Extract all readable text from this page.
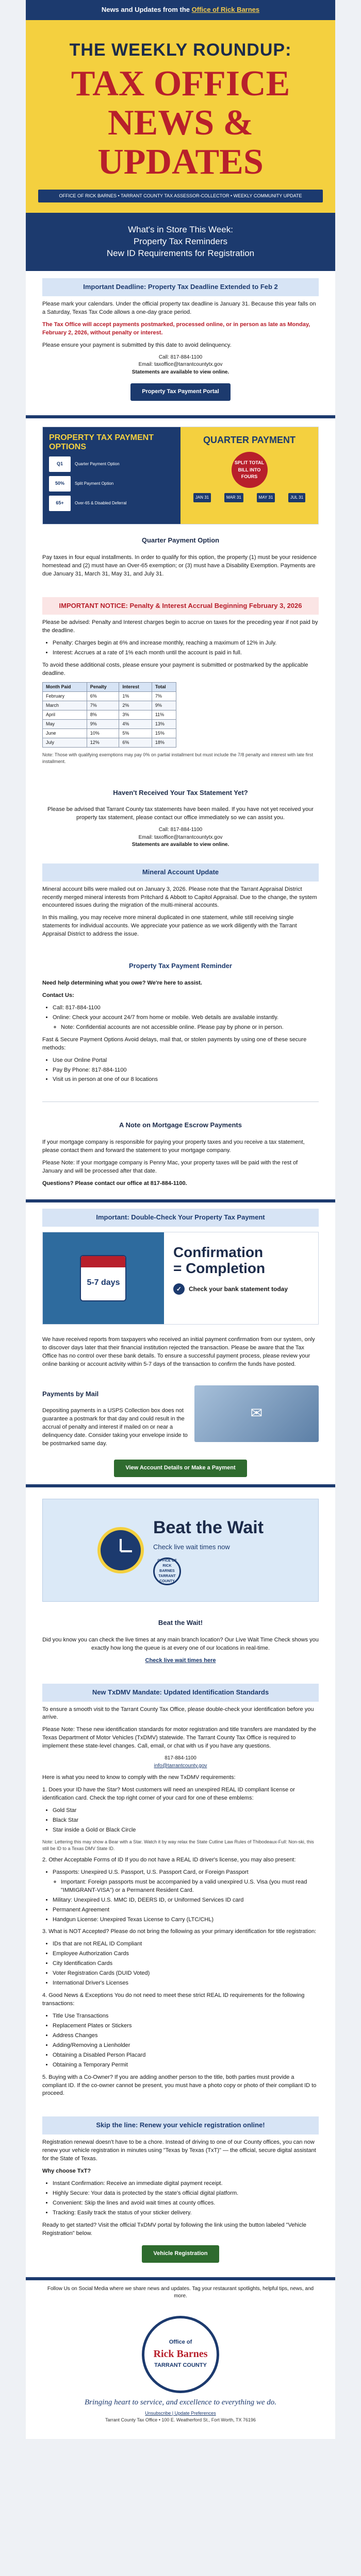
News and Updates from the Office of Rick Barnes
THE WEEKLY ROUNDUP:
TAX OFFICE
NEWS &
UPDATES
OFFICE OF RICK BARNES • TARRANT COUNTY TAX ASSESSOR-COLLECTOR • WEEKLY COMMUNITY UPDATE
What's in Store This Week:
Property Tax Reminders
New ID Requirements for Registration
Important Deadline: Property Tax Deadline Extended to Feb 2

Please mark your calendars. Under the official property tax deadline is January 31. Because this year falls on a Saturday, Texas Tax Code allows a one-day grace period.

The Tax Office will accept payments postmarked, processed online, or in person as late as Monday, February 2, 2026, without penalty or interest.

Please ensure your payment is submitted by this date to avoid delinquency.

Call: 817-884-1100
Email: taxoffice@tarrantcountytx.gov
Statements are available to view online.
Property Tax Payment Portal
PROPERTY TAX PAYMENT OPTIONS
Q1	Quarter Payment Option
50%	Split Payment Option
65+	Over-65 & Disabled Deferral
QUARTER PAYMENT
SPLIT TOTAL BILL INTO FOURS
JAN 31	MAR 31	MAY 31	JUL 31
Quarter Payment Option

Pay taxes in four equal installments. In order to qualify for this option, the property (1) must be your residence homestead and (2) must have an Over-65 exemption; or (3) must have a Disability Exemption. Payments are due January 31, March 31, May 31, and July 31.

IMPORTANT NOTICE: Penalty & Interest Accrual Beginning February 3, 2026

Please be advised: Penalty and Interest charges begin to accrue on taxes for the preceding year if not paid by the deadline.

• Penalty: Charges begin at 6% and increase monthly, reaching a maximum of 12% in July.
• Interest: Accrues at a rate of 1% each month until the account is paid in full.

To avoid these additional costs, please ensure your payment is submitted or postmarked by the applicable deadline.

Month Paid	Penalty	Interest	Total
February	6%	1%	7%
March	7%	2%	9%
April	8%	3%	11%
May	9%	4%	13%
June	10%	5%	15%
July	12%	6%	18%

Note: Those with qualifying exemptions may pay 0% on partial installment but must include the 7/8 penalty and interest with late first installment.

Haven't Received Your Tax Statement Yet?

Please be advised that Tarrant County tax statements have been mailed. If you have not yet received your property tax statement, please contact our office immediately so we can assist you.

Call: 817-884-1100
Email: taxoffice@tarrantcountytx.gov
Statements are available to view online.
Mineral Account Update

Mineral account bills were mailed out on January 3, 2026. Please note that the Tarrant Appraisal District recently merged mineral interests from Pritchard & Abbott to Capitol Appraisal. Due to the change, the system encountered issues during the migration of the multi-mineral accounts.

In this mailing, you may receive more mineral duplicated in one statement, while still receiving single statements for individual accounts. We appreciate your patience as we work diligently with the Tarrant Appraisal District to address the issue.

Property Tax Payment Reminder

Need help determining what you owe? We're here to assist.

Contact Us:

• Call: 817-884-1100
• Online: Check your account 24/7 from home or mobile. Web details are available instantly.
◦ Note: Confidential accounts are not accessible online. Please pay by phone or in person.

Fast & Secure Payment Options Avoid delays, mail that, or stolen payments by using one of these secure methods:

• Use our Online Portal
• Pay By Phone: 817-884-1100
• Visit us in person at one of our 8 locations
A Note on Mortgage Escrow Payments

If your mortgage company is responsible for paying your property taxes and you receive a tax statement, please contact them and forward the statement to your mortgage company.

Please Note: If your mortgage company is Penny Mac, your property taxes will be paid with the rest of January and will be processed after that date.

Questions? Please contact our office at 817-884-1100.

Important: Double-Check Your Property Tax Payment
5-7 days
Confirmation
= Completion
✓	Check your bank statement today

We have received reports from taxpayers who received an initial payment confirmation from our system, only to discover days later that their financial institution rejected the transaction. Please be aware that the Tax Office has no control over these bank details. To ensure a successful payment process, please review your online banking or account activity within 5-7 days of the transaction to confirm the funds have posted.

Payments by Mail

Depositing payments in a USPS Collection box does not guarantee a postmark for that day and could result in the accrual of penalty and interest if mailed on or near a delinquency date. Consider taking your envelope inside to be postmarked same day.

✉
View Account Details or Make a Payment
Beat the Wait
Check live wait times now
OFFICE OF RICK BARNES TARRANT COUNTY
Beat the Wait!

Did you know you can check the live times at any main branch location? Our Live Wait Time Check shows you exactly how long the queue is at every one of our locations in real-time.

Check live wait times here

New TxDMV Mandate: Updated Identification Standards

To ensure a smooth visit to the Tarrant County Tax Office, please double-check your identification before you arrive.

Please Note: These new identification standards for motor registration and title transfers are mandated by the Texas Department of Motor Vehicles (TxDMV) statewide. The Tarrant County Tax Office is required to implement these state-level changes. Call, email, or chat with us if you have any questions.

817-884-1100
info@tarrantcounty.gov

Here is what you need to know to comply with the new TxDMV requirements:

1. Does your ID have the Star? Most customers will need an unexpired REAL ID compliant license or identification card. Check the top right corner of your card for one of these emblems:

• Gold Star
• Black Star
• Star inside a Gold or Black Circle

Note: Lettering this may show a Bear with a Star. Watch it by way relax the State Cutline Law Rules of Thibodeaux-Full: Non-ski, this still be ID to a Texas DMV State ID.

2. Other Acceptable Forms of ID If you do not have a REAL ID driver's license, you may also present:

• Passports: Unexpired U.S. Passport, U.S. Passport Card, or Foreign Passport
◦ Important: Foreign passports must be accompanied by a valid unexpired U.S. Visa (you must read "IMMIGRANT-VISA") or a Permanent Resident Card.
• Military: Unexpired U.S. MMC ID, DEERS ID, or Uniformed Services ID card
• Permanent Agreement
• Handgun License: Unexpired Texas License to Carry (LTC/CHL)

3. What is NOT Accepted? Please do not bring the following as your primary identification for title registration:

• IDs that are not REAL ID Compliant
• Employee Authorization Cards
• City Identification Cards
• Voter Registration Cards (DUID Voted)
• International Driver's Licenses

4. Good News & Exceptions You do not need to meet these strict REAL ID requirements for the following transactions:

• Title Use Transactions
• Replacement Plates or Stickers
• Address Changes
• Adding/Removing a Lienholder
• Obtaining a Disabled Person Placard
• Obtaining a Temporary Permit

5. Buying with a Co-Owner? If you are adding another person to the title, both parties must provide a compliant ID. If the co-owner cannot be present, you must have a photo copy or photo of their compliant ID to proceed.

Skip the line: Renew your vehicle registration online!

Registration renewal doesn't have to be a chore. Instead of driving to one of our County offices, you can now renew your vehicle registration in minutes using "Texas by Texas (TxT)" — the official, secure digital assistant for the State of Texas.

Why choose TxT?

• Instant Confirmation: Receive an immediate digital payment receipt.
• Highly Secure: Your data is protected by the state's official digital platform.
• Convenient: Skip the lines and avoid wait times at county offices.
• Tracking: Easily track the status of your sticker delivery.

Ready to get started? Visit the official TxDMV portal by following the link using the button labeled "Vehicle Registration" below.

Vehicle Registration
Follow Us on Social Media where we share news and updates. Tag your restaurant spotlights, helpful tips, news, and more.
Office of
Rick Barnes
TARRANT COUNTY
Bringing heart to service, and excellence to everything we do.
Unsubscribe | Update Preferences
Tarrant County Tax Office • 100 E. Weatherford St., Fort Worth, TX 76196
